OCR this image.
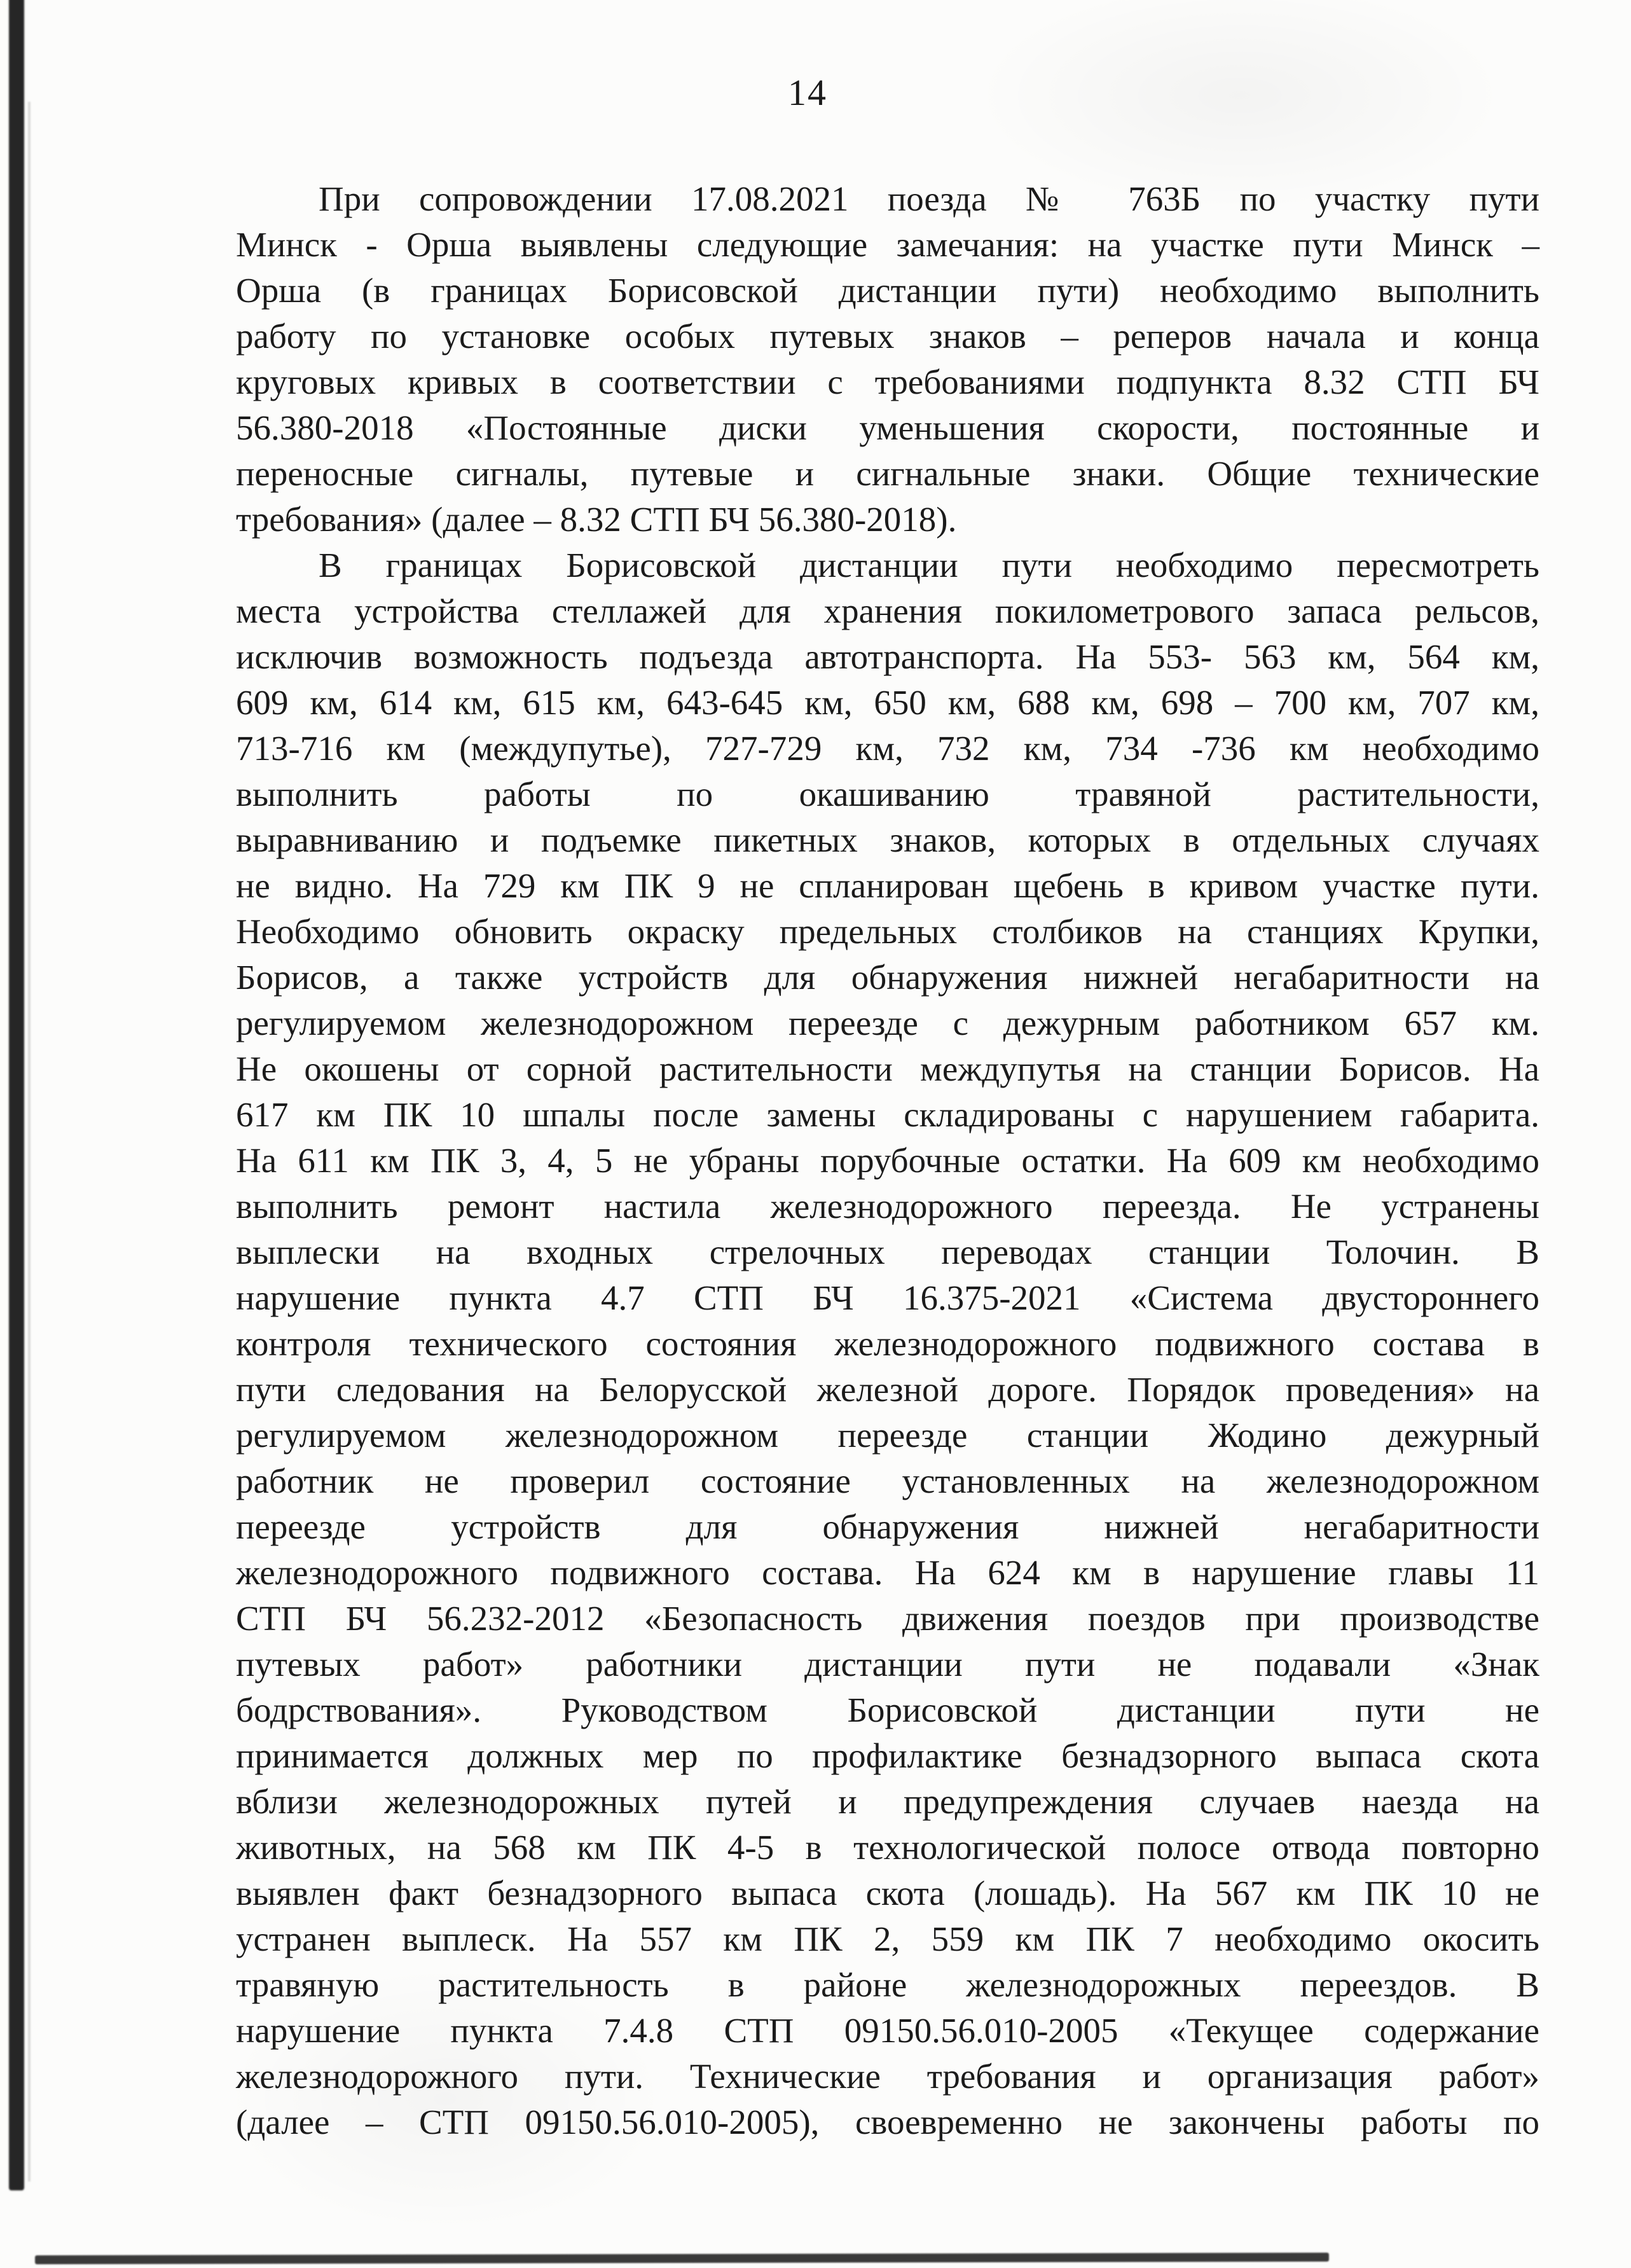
14
При сопровождении 17.08.2021 поезда № 763Б по участку пути
Минск - Орша выявлены следующие замечания: на участке пути Минск –
Орша (в границах Борисовской дистанции пути) необходимо выполнить
работу по установке особых путевых знаков – реперов начала и конца
круговых кривых в соответствии с требованиями подпункта 8.32 СТП БЧ
56.380-2018 «Постоянные диски уменьшения скорости, постоянные и
переносные сигналы, путевые и сигнальные знаки. Общие технические
требования» (далее – 8.32 СТП БЧ 56.380-2018).
В границах Борисовской дистанции пути необходимо пересмотреть
места устройства стеллажей для хранения покилометрового запаса рельсов,
исключив возможность подъезда автотранспорта. На 553- 563 км, 564 км,
609 км, 614 км, 615 км, 643-645 км, 650 км, 688 км, 698 – 700 км, 707 км,
713-716 км (междупутье), 727-729 км, 732 км, 734 -736 км необходимо
выполнить работы по окашиванию травяной растительности,
выравниванию и подъемке пикетных знаков, которых в отдельных случаях
не видно. На 729 км ПК 9 не спланирован щебень в кривом участке пути.
Необходимо обновить окраску предельных столбиков на станциях Крупки,
Борисов, а также устройств для обнаружения нижней негабаритности на
регулируемом железнодорожном переезде с дежурным работником 657 км.
Не окошены от сорной растительности междупутья на станции Борисов. На
617 км ПК 10 шпалы после замены складированы с нарушением габарита.
На 611 км ПК 3, 4, 5 не убраны порубочные остатки. На 609 км необходимо
выполнить ремонт настила железнодорожного переезда. Не устранены
выплески на входных стрелочных переводах станции Толочин. В
нарушение пункта 4.7 СТП БЧ 16.375-2021 «Система двустороннего
контроля технического состояния железнодорожного подвижного состава в
пути следования на Белорусской железной дороге. Порядок проведения» на
регулируемом железнодорожном переезде станции Жодино дежурный
работник не проверил состояние установленных на железнодорожном
переезде устройств для обнаружения нижней негабаритности
железнодорожного подвижного состава. На 624 км в нарушение главы 11
СТП БЧ 56.232-2012 «Безопасность движения поездов при производстве
путевых работ» работники дистанции пути не подавали «Знак
бодрствования». Руководством Борисовской дистанции пути не
принимается должных мер по профилактике безнадзорного выпаса скота
вблизи железнодорожных путей и предупреждения случаев наезда на
животных, на 568 км ПК 4-5 в технологической полосе отвода повторно
выявлен факт безнадзорного выпаса скота (лошадь). На 567 км ПК 10 не
устранен выплеск. На 557 км ПК 2, 559 км ПК 7 необходимо окосить
травяную растительность в районе железнодорожных переездов. В
нарушение пункта 7.4.8 СТП 09150.56.010-2005 «Текущее содержание
железнодорожного пути. Технические требования и организация работ»
(далее – СТП 09150.56.010-2005), своевременно не закончены работы по
